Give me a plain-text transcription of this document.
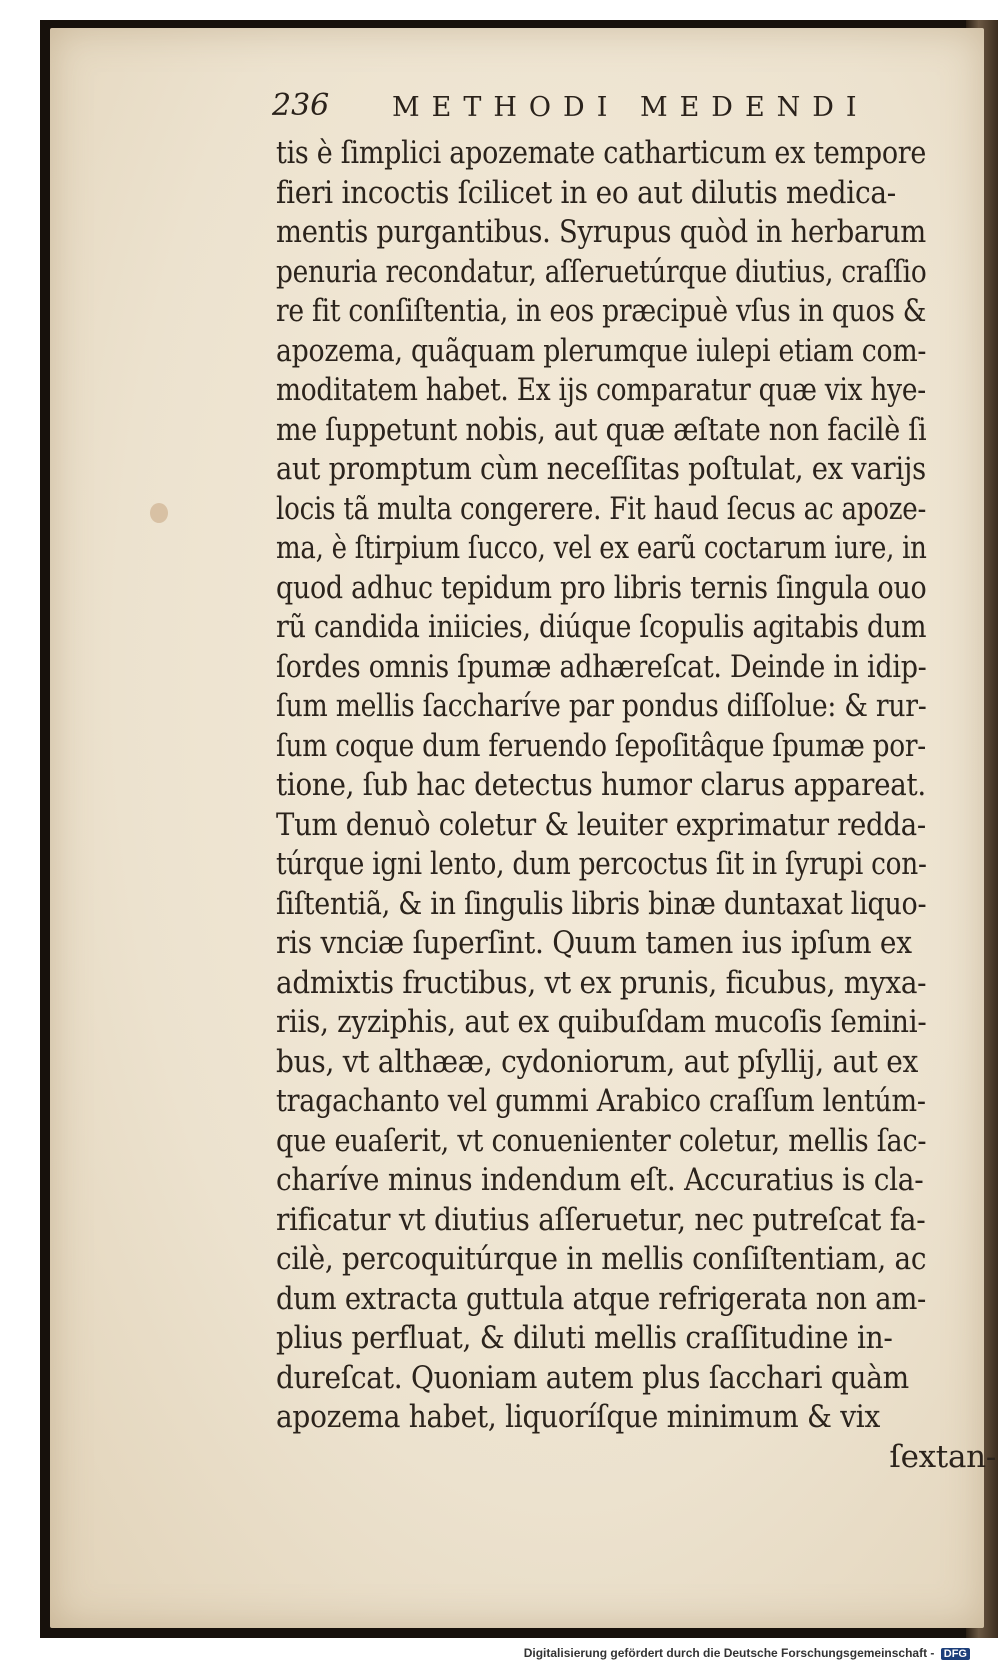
236 METHODI MEDENDI
tis è ſimplici apozemate catharticum ex tempore
fieri incoctis ſcilicet in eo aut dilutis medica-
mentis purgantibus. Syrupus quòd in herbarum
penuria recondatur, aſſeruetúrque diutius, craſſio
re fit conſiſtentia, in eos præcipuè vſus in quos &
apozema, quãquam plerumque iulepi etiam com-
moditatem habet. Ex ijs comparatur quæ vix hye-
me ſuppetunt nobis, aut quæ æſtate non facilè ſi
aut promptum cùm neceſſitas poſtulat, ex varijs
locis tã multa congerere. Fit haud ſecus ac apoze-
ma, è ſtirpium ſucco, vel ex earũ coctarum iure, in
quod adhuc tepidum pro libris ternis ſingula ouo
rũ candida iniicies, diúque ſcopulis agitabis dum
ſordes omnis ſpumæ adhæreſcat. Deinde in idip-
ſum mellis ſaccharíve par pondus diſſolue: & rur-
ſum coque dum feruendo ſepoſitâque ſpumæ por-
tione, ſub hac detectus humor clarus appareat.
Tum denuò coletur & leuiter exprimatur redda-
túrque igni lento, dum percoctus ſit in ſyrupi con-
ſiſtentiã, & in ſingulis libris binæ duntaxat liquo-
ris vnciæ ſuperſint. Quum tamen ius ipſum ex
admixtis fructibus, vt ex prunis, ficubus, myxa-
riis, zyziphis, aut ex quibuſdam mucoſis ſemini-
bus, vt althææ, cydoniorum, aut pſyllij, aut ex
tragachanto vel gummi Arabico craſſum lentúm-
que euaſerit, vt conuenienter coletur, mellis ſac-
charíve minus indendum eſt. Accuratius is cla-
rificatur vt diutius aſſeruetur, nec putreſcat fa-
cilè, percoquitúrque in mellis conſiſtentiam, ac
dum extracta guttula atque refrigerata non am-
plius perfluat, & diluti mellis craſſitudine in-
dureſcat. Quoniam autem plus ſacchari quàm
apozema habet, liquoríſque minimum & vix
ſextan-
Digitalisierung gefördert durch die Deutsche Forschungsgemeinschaft - DFG
